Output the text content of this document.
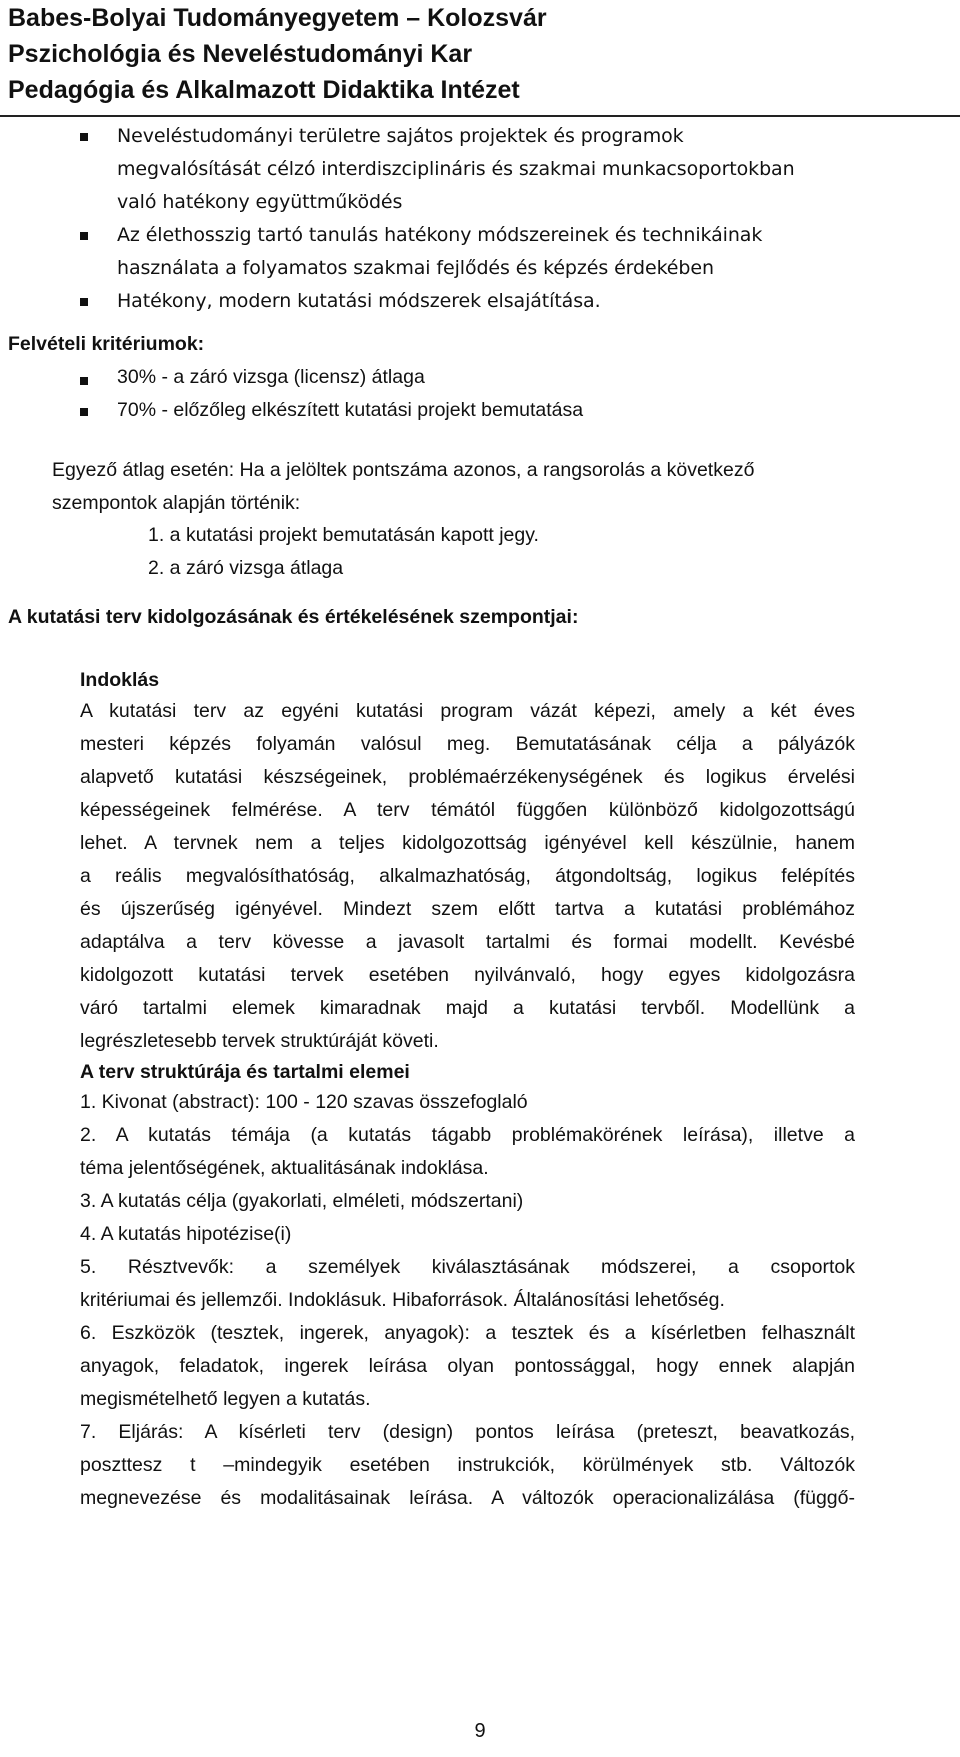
Babes-Bolyai Tudományegyetem – Kolozsvár
Pszichológia és Neveléstudományi Kar
Pedagógia és Alkalmazott Didaktika Intézet
Neveléstudományi területre sajátos projektek és programok
megvalósítását célzó interdiszciplináris és szakmai munkacsoportokban
való hatékony együttműködés
Az élethosszig tartó tanulás hatékony módszereinek és technikáinak
használata a folyamatos szakmai fejlődés és képzés érdekében
Hatékony, modern kutatási módszerek elsajátítása.
Felvételi kritériumok:
30% - a záró vizsga (licensz) átlaga
70% - előzőleg elkészített kutatási projekt bemutatása
Egyező átlag esetén: Ha a jelöltek pontszáma azonos, a rangsorolás a következő
szempontok alapján történik:
1. a kutatási projekt bemutatásán kapott jegy.
2. a záró vizsga átlaga
A kutatási terv kidolgozásának és értékelésének szempontjai:
Indoklás
A kutatási terv az egyéni kutatási program vázát képezi, amely a két éves
mesteri képzés folyamán valósul meg. Bemutatásának célja a pályázók
alapvető kutatási készségeinek, problémaérzékenységének és logikus érvelési
képességeinek felmérése. A terv témától függően különböző kidolgozottságú
lehet. A tervnek nem a teljes kidolgozottság igényével kell készülnie, hanem
a reális megvalósíthatóság, alkalmazhatóság, átgondoltság, logikus felépítés
és újszerűség igényével. Mindezt szem előtt tartva a kutatási problémához
adaptálva a terv kövesse a javasolt tartalmi és formai modellt. Kevésbé
kidolgozott kutatási tervek esetében nyilvánvaló, hogy egyes kidolgozásra
váró tartalmi elemek kimaradnak majd a kutatási tervből. Modellünk a
legrészletesebb tervek struktúráját követi.
A terv struktúrája és tartalmi elemei
1. Kivonat (abstract): 100 - 120 szavas összefoglaló
2. A kutatás témája (a kutatás tágabb problémakörének leírása), illetve a
téma jelentőségének, aktualitásának indoklása.
3. A kutatás célja (gyakorlati, elméleti, módszertani)
4. A kutatás hipotézise(i)
5. Résztvevők: a személyek kiválasztásának módszerei, a csoportok
kritériumai és jellemzői. Indoklásuk. Hibaforrások. Általánosítási lehetőség.
6. Eszközök (tesztek, ingerek, anyagok): a tesztek és a kísérletben felhasznált
anyagok, feladatok, ingerek leírása olyan pontossággal, hogy ennek alapján
megismételhető legyen a kutatás.
7. Eljárás: A kísérleti terv (design) pontos leírása (preteszt, beavatkozás,
poszttesz t –mindegyik esetében instrukciók, körülmények stb. Változók
megnevezése és modalitásainak leírása. A változók operacionalizálása (függő-
9
